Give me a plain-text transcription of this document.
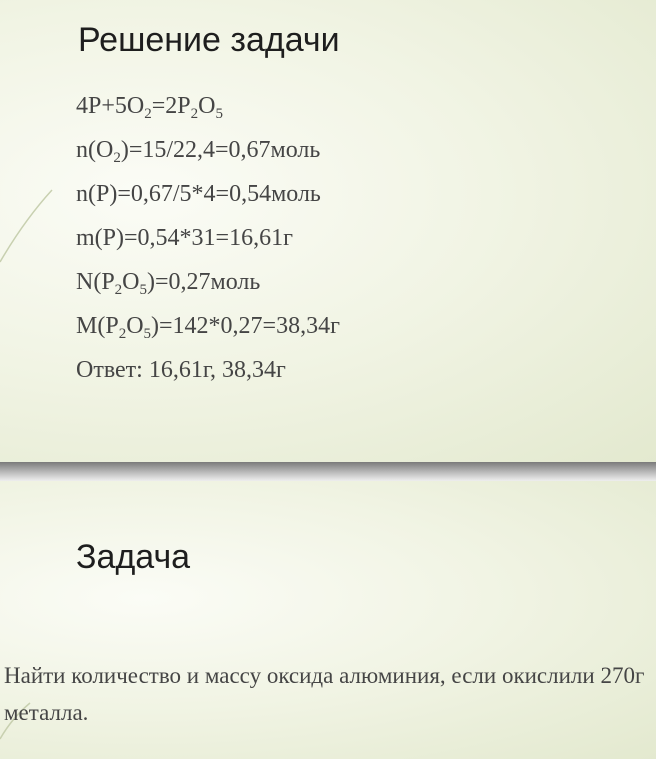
Решение задачи
$4P+5O_2=2P_2O_5$
$n(O_2)=15/22,4=0,67моль$
n(P)=0,67/5*4=0,54моль
m(P)=0,54*31=16,61г
$N(P_2O_5)=0,27моль$
$M(P_2O_5)=142*0,27=38,34г$
Ответ: 16,61г, 38,34г
Задача

Найти количество и массу оксида алюминия, если окислили 270г металла.
